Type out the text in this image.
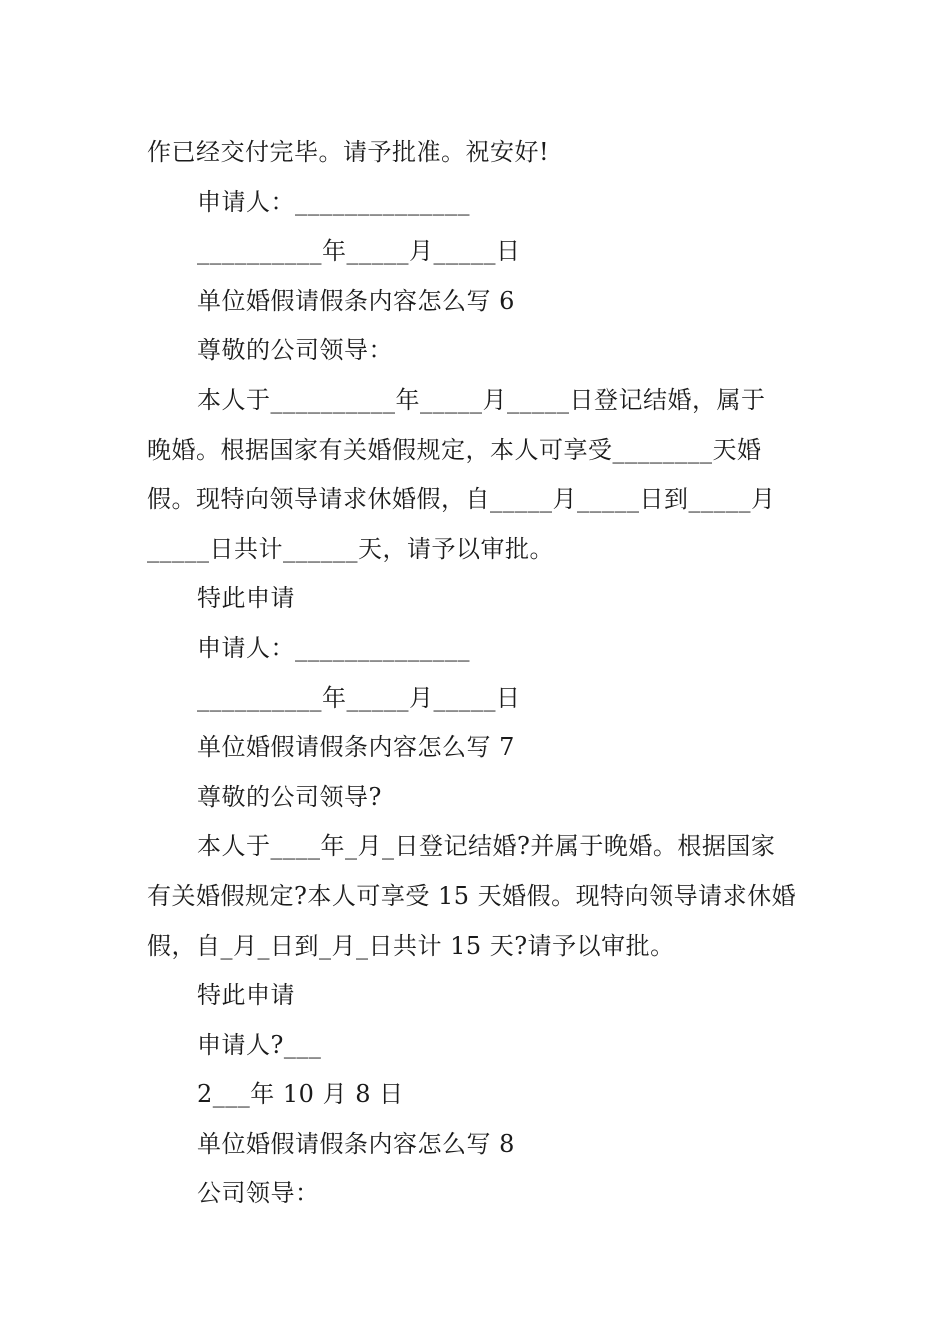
作已经交付完毕。请予批准。祝安好!
申请人：______________
__________年_____月_____日
单位婚假请假条内容怎么写 6
尊敬的公司领导：
本人于__________年_____月_____日登记结婚，属于
晚婚。根据国家有关婚假规定，本人可享受________天婚
假。现特向领导请求休婚假，自_____月_____日到_____月
_____日共计______天，请予以审批。
特此申请
申请人：______________
__________年_____月_____日
单位婚假请假条内容怎么写 7
尊敬的公司领导?
本人于____年_月_日登记结婚?并属于晚婚。根据国家
有关婚假规定?本人可享受 15 天婚假。现特向领导请求休婚
假，自_月_日到_月_日共计 15 天?请予以审批。
特此申请
申请人?___
2___年 10 月 8 日
单位婚假请假条内容怎么写 8
公司领导：
